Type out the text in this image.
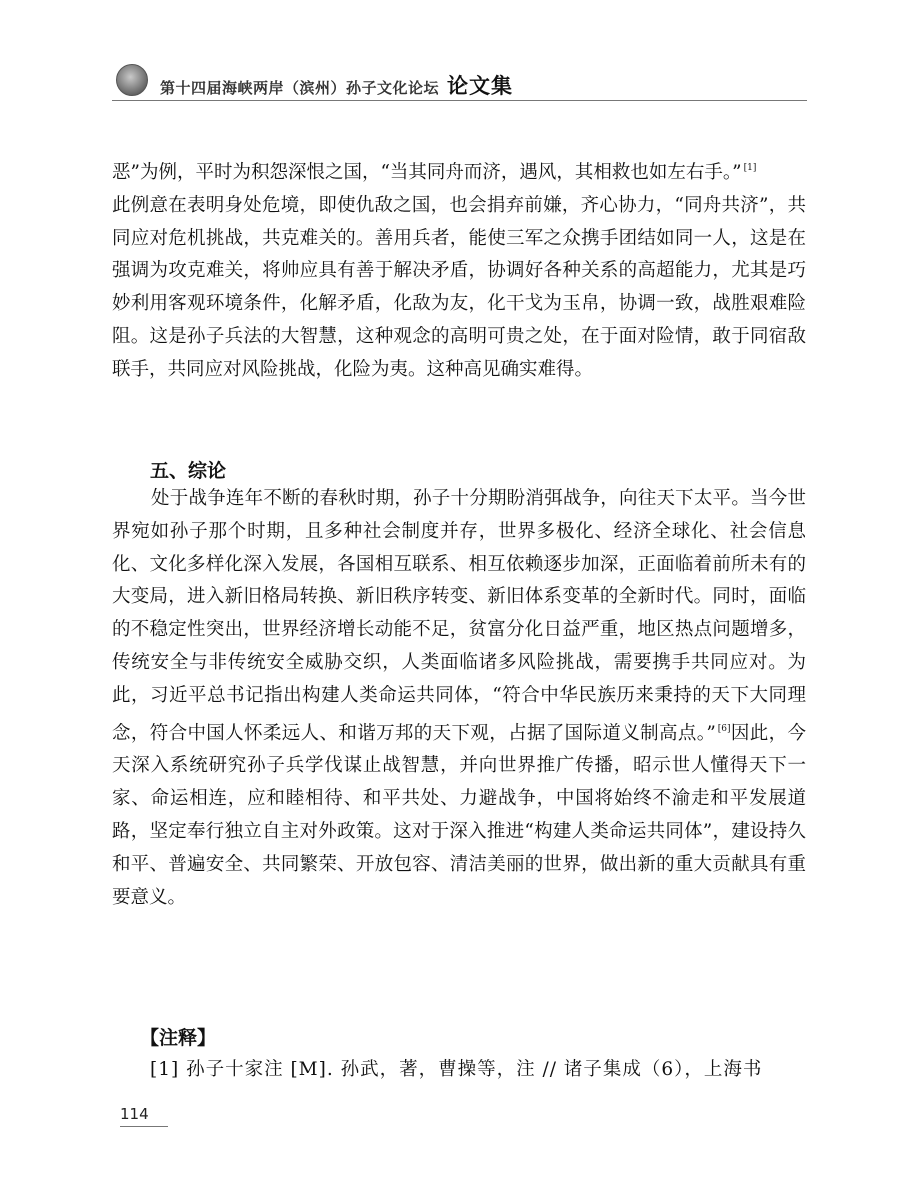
第十四届海峡两岸（滨州）孙子文化论坛 论文集

恶”为例，平时为积怨深恨之国，“当其同舟而济，遇风，其相救也如左右手。” [1]
此例意在表明身处危境，即使仇敌之国，也会捐弃前嫌，齐心协力，“同舟共济”，共同应对危机挑战，共克难关的。善用兵者，能使三军之众携手团结如同一人，这是在强调为攻克难关，将帅应具有善于解决矛盾，协调好各种关系的高超能力，尤其是巧妙利用客观环境条件，化解矛盾，化敌为友，化干戈为玉帛，协调一致，战胜艰难险阻。这是孙子兵法的大智慧，这种观念的高明可贵之处，在于面对险情，敢于同宿敌联手，共同应对风险挑战，化险为夷。这种高见确实难得。

五、综论

处于战争连年不断的春秋时期，孙子十分期盼消弭战争，向往天下太平。当今世界宛如孙子那个时期，且多种社会制度并存，世界多极化、经济全球化、社会信息化、文化多样化深入发展，各国相互联系、相互依赖逐步加深，正面临着前所未有的大变局，进入新旧格局转换、新旧秩序转变、新旧体系变革的全新时代。同时，面临的不稳定性突出，世界经济增长动能不足，贫富分化日益严重，地区热点问题增多，传统安全与非传统安全威胁交织，人类面临诸多风险挑战，需要携手共同应对。为此，习近平总书记指出构建人类命运共同体，“符合中华民族历来秉持的天下大同理念，符合中国人怀柔远人、和谐万邦的天下观，占据了国际道义制高点。” [6]因此，今天深入系统研究孙子兵学伐谋止战智慧，并向世界推广传播，昭示世人懂得天下一家、命运相连，应和睦相待、和平共处、力避战争，中国将始终不渝走和平发展道路，坚定奉行独立自主对外政策。这对于深入推进“构建人类命运共同体”，建设持久和平、普遍安全、共同繁荣、开放包容、清洁美丽的世界，做出新的重大贡献具有重要意义。

【注释】
[1] 孙子十家注 [M]. 孙武，著，曹操等，注 // 诸子集成（6），上海书
114
